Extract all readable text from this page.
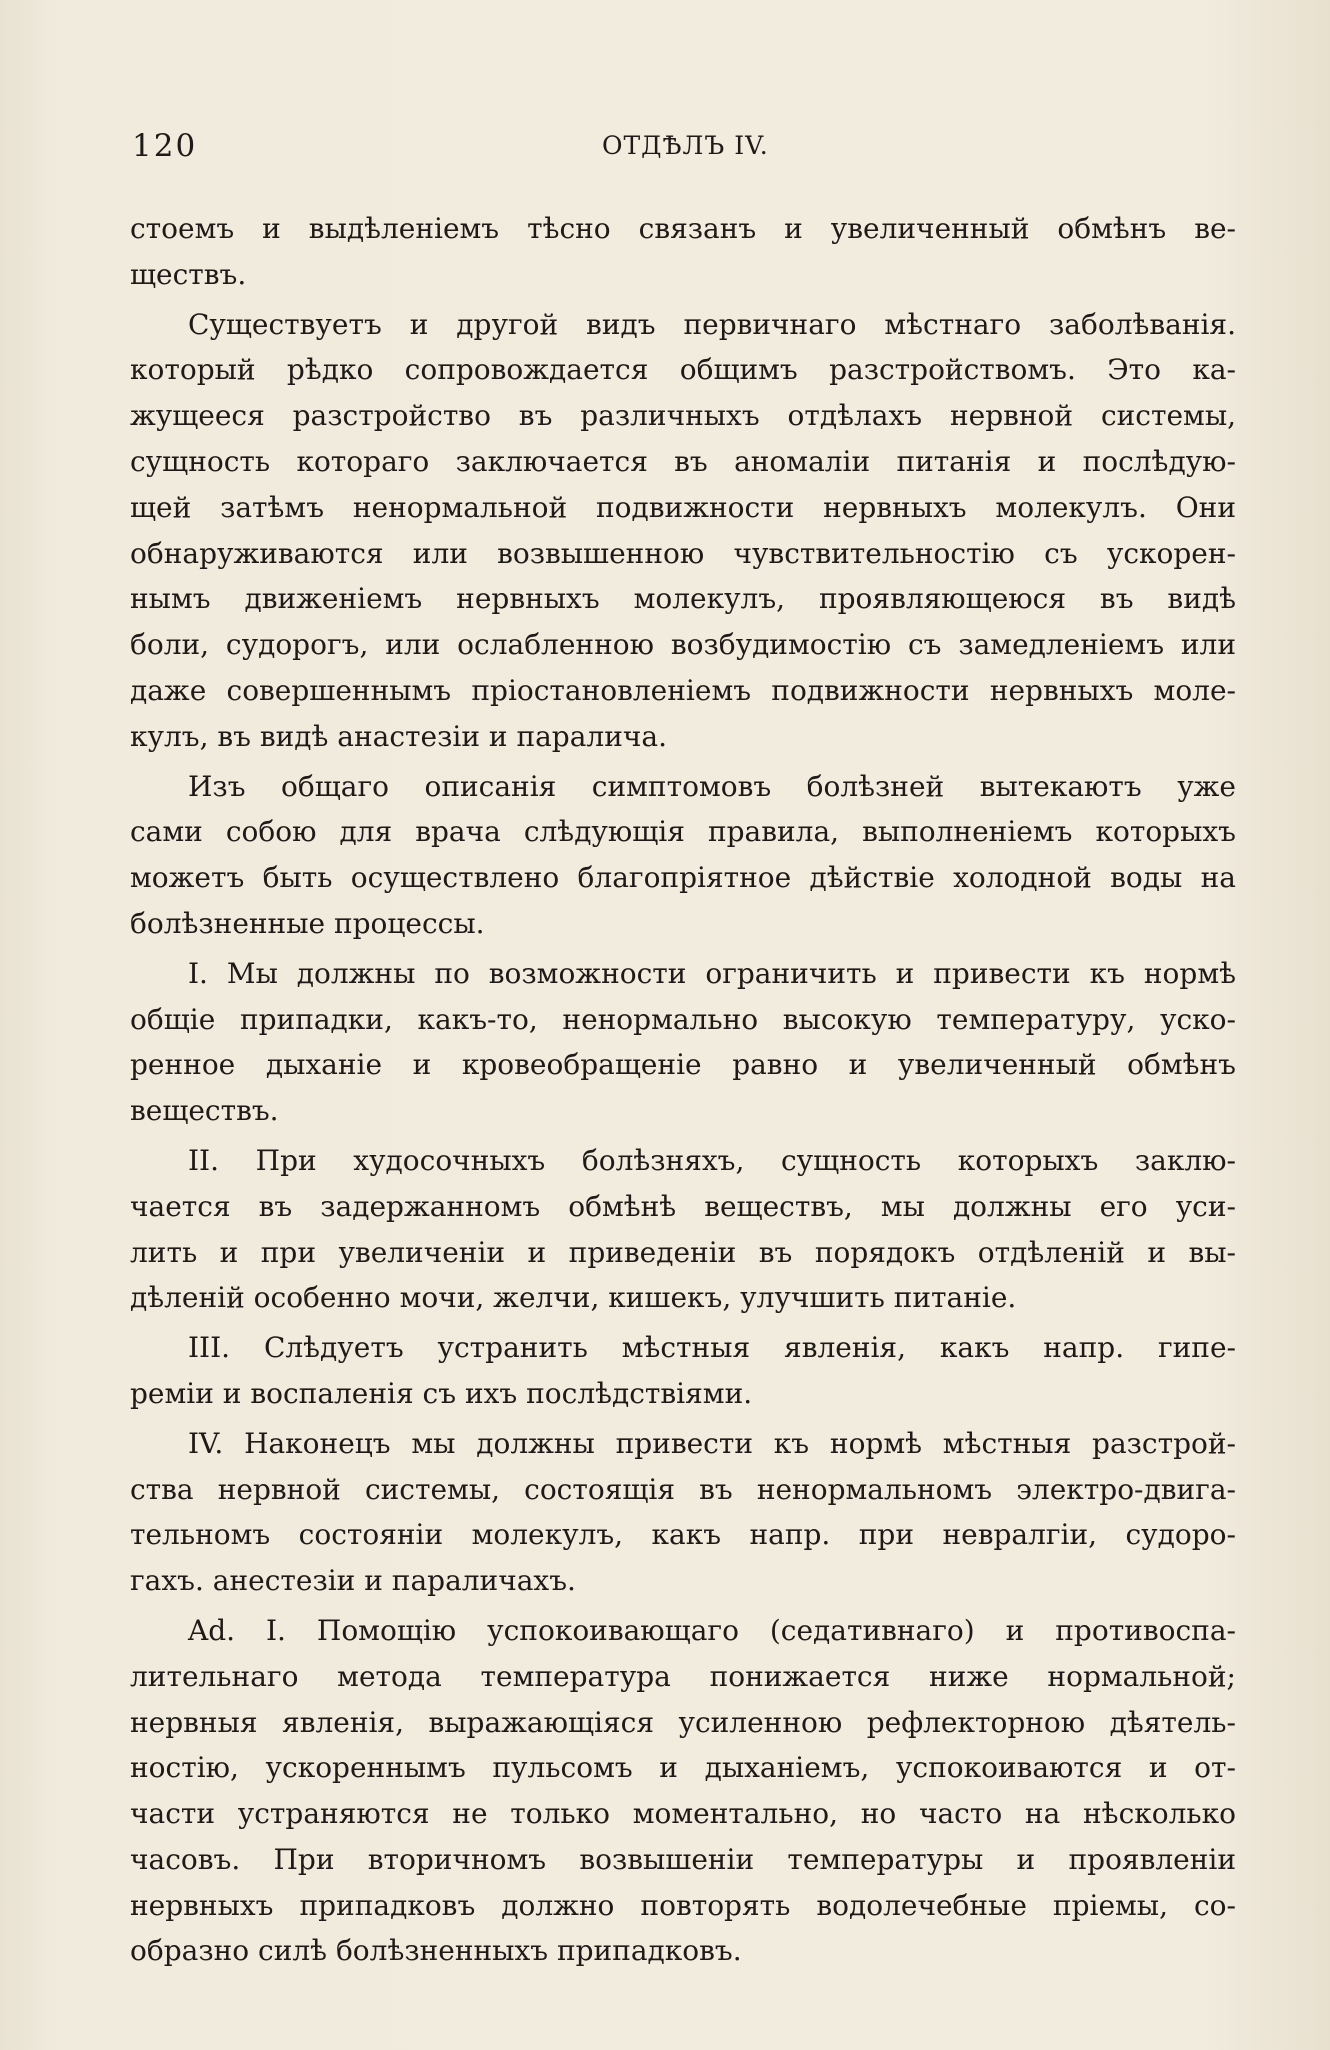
120	ОТДѢЛЪ IV.
стоемъ и выдѣленіемъ тѣсно связанъ и увеличенный обмѣнъ ве-
ществъ.
Существуетъ и другой видъ первичнаго мѣстнаго заболѣванія.
который рѣдко сопровождается общимъ разстройствомъ. Это ка-
жущееся разстройство въ различныхъ отдѣлахъ нервной системы,
сущность котораго заключается въ аномаліи питанія и послѣдую-
щей затѣмъ ненормальной подвижности нервныхъ молекулъ. Они
обнаруживаются или возвышенною чувствительностію съ ускорен-
нымъ движеніемъ нервныхъ молекулъ, проявляющеюся въ видѣ
боли, судорогъ, или ослабленною возбудимостію съ замедленіемъ или
даже совершеннымъ пріостановленіемъ подвижности нервныхъ моле-
кулъ, въ видѣ анастезіи и паралича.
Изъ общаго описанія симптомовъ болѣзней вытекаютъ уже
сами собою для врача слѣдующія правила, выполненіемъ которыхъ
можетъ быть осуществлено благопріятное дѣйствіе холодной воды на
болѣзненные процессы.
I. Мы должны по возможности ограничить и привести къ нормѣ
общіе припадки, какъ-то, ненормально высокую температуру, уско-
ренное дыханіе и кровеобращеніе равно и увеличенный обмѣнъ
веществъ.
II. При худосочныхъ болѣзняхъ, сущность которыхъ заклю-
чается въ задержанномъ обмѣнѣ веществъ, мы должны его уси-
лить и при увеличеніи и приведеніи въ порядокъ отдѣленій и вы-
дѣленій особенно мочи, желчи, кишекъ, улучшить питаніе.
III. Слѣдуетъ устранить мѣстныя явленія, какъ напр. гипе-
реміи и воспаленія съ ихъ послѣдствіями.
IV. Наконецъ мы должны привести къ нормѣ мѣстныя разстрой-
ства нервной системы, состоящія въ ненормальномъ электро-двига-
тельномъ состояніи молекулъ, какъ напр. при невралгіи, судоро-
гахъ. анестезіи и параличахъ.
Ad. I. Помощію успокоивающаго (седативнаго) и противоспа-
лительнаго метода температура понижается ниже нормальной;
нервныя явленія, выражающіяся усиленною рефлекторною дѣятель-
ностію, ускореннымъ пульсомъ и дыханіемъ, успокоиваются и от-
части устраняются не только моментально, но часто на нѣсколько
часовъ. При вторичномъ возвышеніи температуры и проявленіи
нервныхъ припадковъ должно повторять водолечебные пріемы, со-
образно силѣ болѣзненныхъ припадковъ.
